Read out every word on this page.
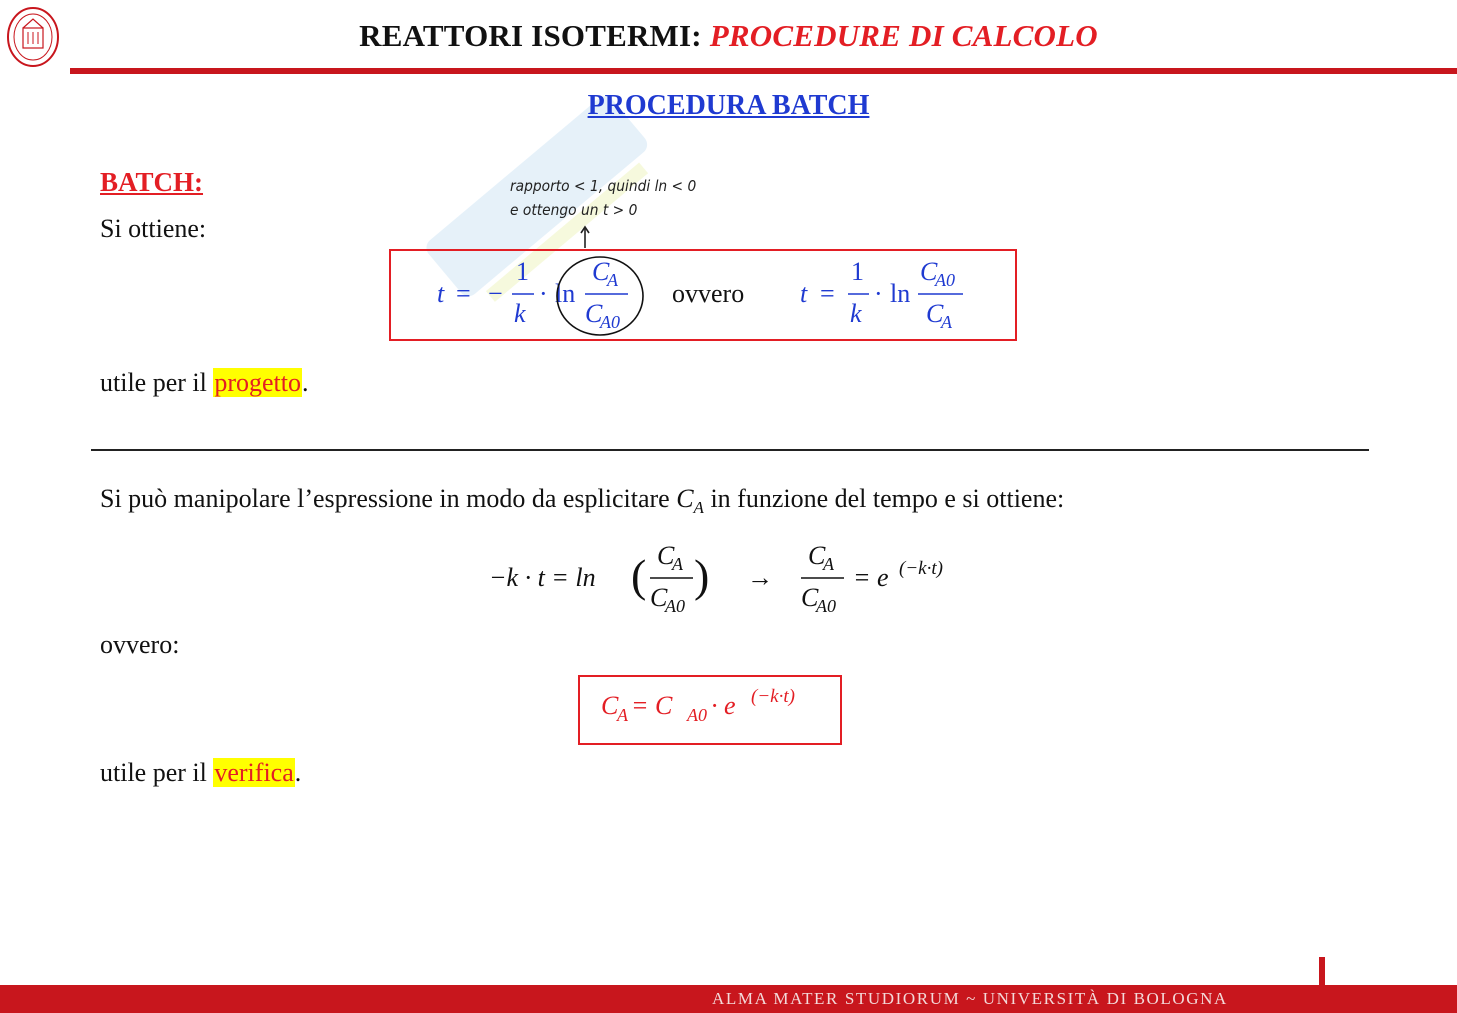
REATTORI ISOTERMI: PROCEDURE DI CALCOLO
PROCEDURA BATCH
BATCH:
Si ottiene:
rapporto < 1, quindi ln < 0
e ottengo un t > 0
t = −
1
k
· ln
C
A
C
A0
ovvero t =
1
k
· ln
C
A0
C
A
utile per il progetto.
Si può manipolare l’espressione in modo da esplicitare $C_A$ in funzione del tempo e si ottiene:
−k · t = ln ( C
A
C
A0
) →
C
A
C
A0
= e (−k·t)
ovvero:
C
A = C A0 · e (−k·t)
utile per il verifica.
ALMA MATER STUDIORUM ~ UNIVERSITÀ DI BOLOGNA
